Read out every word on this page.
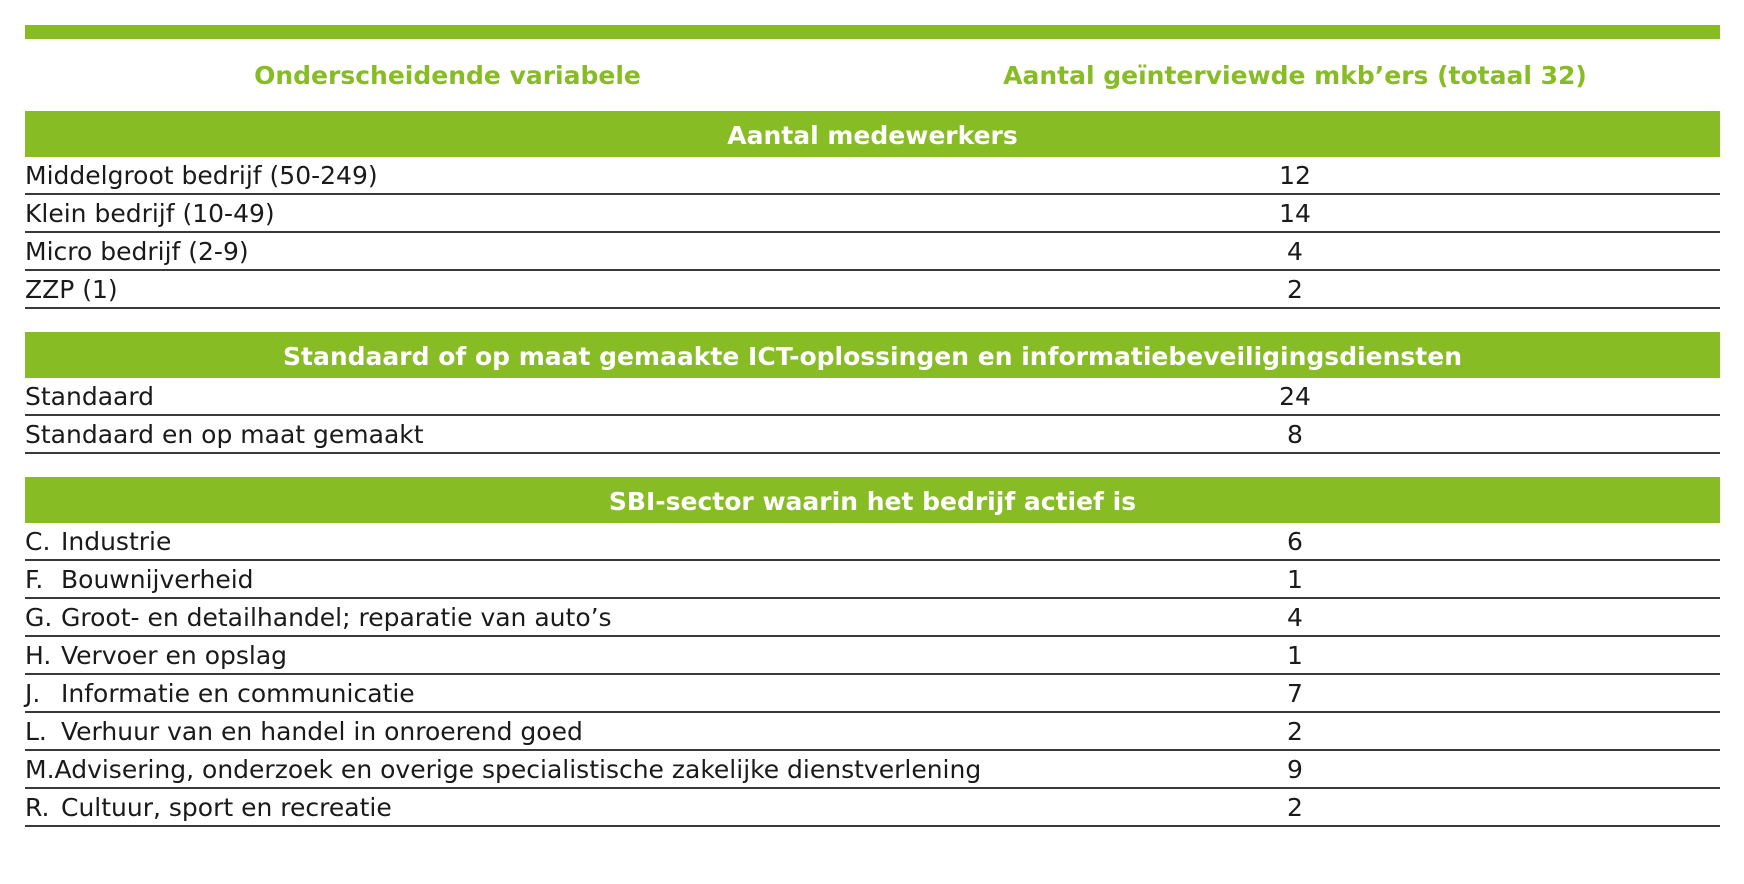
Onderscheidende variabele	Aantal geïnterviewde mkb’ers (totaal 32)
Aantal medewerkers
Middelgroot bedrijf (50-249)	12
Klein bedrijf (10-49)	14
Micro bedrijf (2-9)	4
ZZP (1)	2
Standaard of op maat gemaakte ICT-oplossingen en informatiebeveiligingsdiensten
Standaard	24
Standaard en op maat gemaakt	8
SBI-sector waarin het bedrijf actief is
C. Industrie	6
F. Bouwnijverheid	1
G. Groot- en detailhandel; reparatie van auto’s	4
H. Vervoer en opslag	1
J. Informatie en communicatie	7
L. Verhuur van en handel in onroerend goed	2
M. Advisering, onderzoek en overige specialistische zakelijke dienstverlening	9
R. Cultuur, sport en recreatie	2
